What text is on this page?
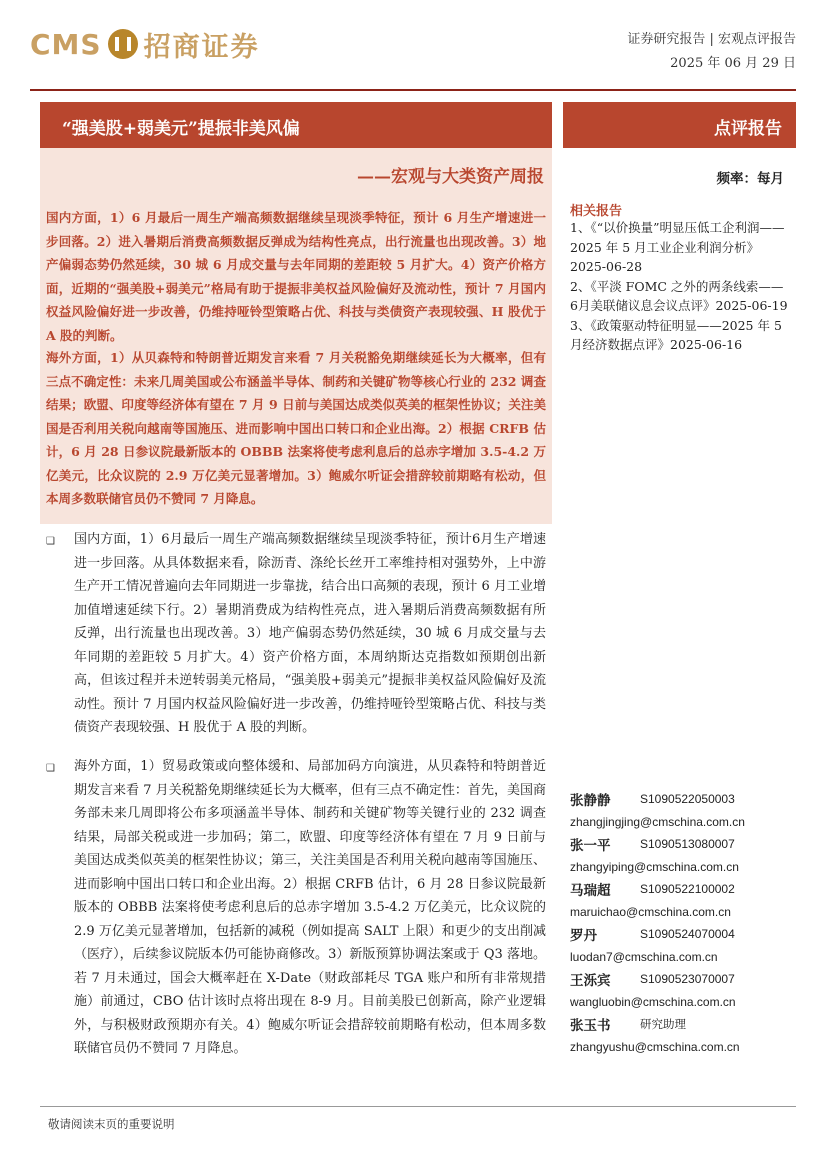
CMS 招商证券	证券研究报告 | 宏观点评报告
2025 年 06 月 29 日
“强美股+弱美元”提振非美风偏
——宏观与大类资产周报
点评报告
频率：每月

国内方面，1）6 月最后一周生产端高频数据继续呈现淡季特征，预计 6 月生产增速进一步回落。2）进入暑期后消费高频数据反弹成为结构性亮点，出行流量也出现改善。3）地产偏弱态势仍然延续，30 城 6 月成交量与去年同期的差距较 5 月扩大。4）资产价格方面，近期的“强美股+弱美元”格局有助于提振非美权益风险偏好及流动性，预计 7 月国内权益风险偏好进一步改善，仍维持哑铃型策略占优、科技与类债资产表现较强、H 股优于 A 股的判断。

海外方面，1）从贝森特和特朗普近期发言来看 7 月关税豁免期继续延长为大概率，但有三点不确定性：未来几周美国或公布涵盖半导体、制药和关键矿物等核心行业的 232 调查结果；欧盟、印度等经济体有望在 7 月 9 日前与美国达成类似英美的框架性协议；关注美国是否利用关税向越南等国施压、进而影响中国出口转口和企业出海。2）根据 CRFB 估计，6 月 28 日参议院最新版本的 OBBB 法案将使考虑利息后的总赤字增加 3.5-4.2 万亿美元，比众议院的 2.9 万亿美元显著增加。3）鲍威尔听证会措辞较前期略有松动，但本周多数联储官员仍不赞同 7 月降息。

相关报告
1、《“以价换量”明显压低工企利润——2025 年 5 月工业企业利润分析》2025-06-28
2、《平淡 FOMC 之外的两条线索——6月美联储议息会议点评》2025-06-19
3、《政策驱动特征明显——2025 年 5 月经济数据点评》2025-06-16
❑ 国内方面，1）6月最后一周生产端高频数据继续呈现淡季特征，预计6月生产增速进一步回落。从具体数据来看，除沥青、涤纶长丝开工率维持相对强势外，上中游生产开工情况普遍向去年同期进一步靠拢，结合出口高频的表现，预计 6 月工业增加值增速延续下行。2）暑期消费成为结构性亮点，进入暑期后消费高频数据有所反弹，出行流量也出现改善。3）地产偏弱态势仍然延续，30 城 6 月成交量与去年同期的差距较 5 月扩大。4）资产价格方面，本周纳斯达克指数如预期创出新高，但该过程并未逆转弱美元格局，“强美股+弱美元”提振非美权益风险偏好及流动性。预计 7 月国内权益风险偏好进一步改善，仍维持哑铃型策略占优、科技与类债资产表现较强、H 股优于 A 股的判断。

❑ 海外方面，1）贸易政策或向整体缓和、局部加码方向演进，从贝森特和特朗普近期发言来看 7 月关税豁免期继续延长为大概率，但有三点不确定性：首先，美国商务部未来几周即将公布多项涵盖半导体、制药和关键矿物等关键行业的 232 调查结果，局部关税或进一步加码；第二，欧盟、印度等经济体有望在 7 月 9 日前与美国达成类似英美的框架性协议；第三，关注美国是否利用关税向越南等国施压、进而影响中国出口转口和企业出海。2）根据 CRFB 估计，6 月 28 日参议院最新版本的 OBBB 法案将使考虑利息后的总赤字增加 3.5-4.2 万亿美元，比众议院的 2.9 万亿美元显著增加，包括新的减税（例如提高 SALT 上限）和更少的支出削减（医疗），后续参议院版本仍可能协商修改。3）新版预算协调法案或于 Q3 落地。若 7 月未通过，国会大概率赶在 X-Date（财政部耗尽 TGA 账户和所有非常规措施）前通过，CBO 估计该时点将出现在 8-9 月。目前美股已创新高，除产业逻辑外，与积极财政预期亦有关。4）鲍威尔听证会措辞较前期略有松动，但本周多数联储官员仍不赞同 7 月降息。

张静静	S1090522050003
zhangjingjing@cmschina.com.cn
张一平	S1090513080007
zhangyiping@cmschina.com.cn
马瑞超	S1090522100002
maruichao@cmschina.com.cn
罗丹	S1090524070004
luodan7@cmschina.com.cn
王泺宾	S1090523070007
wangluobin@cmschina.com.cn
张玉书	研究助理
zhangyushu@cmschina.com.cn
敬请阅读末页的重要说明
